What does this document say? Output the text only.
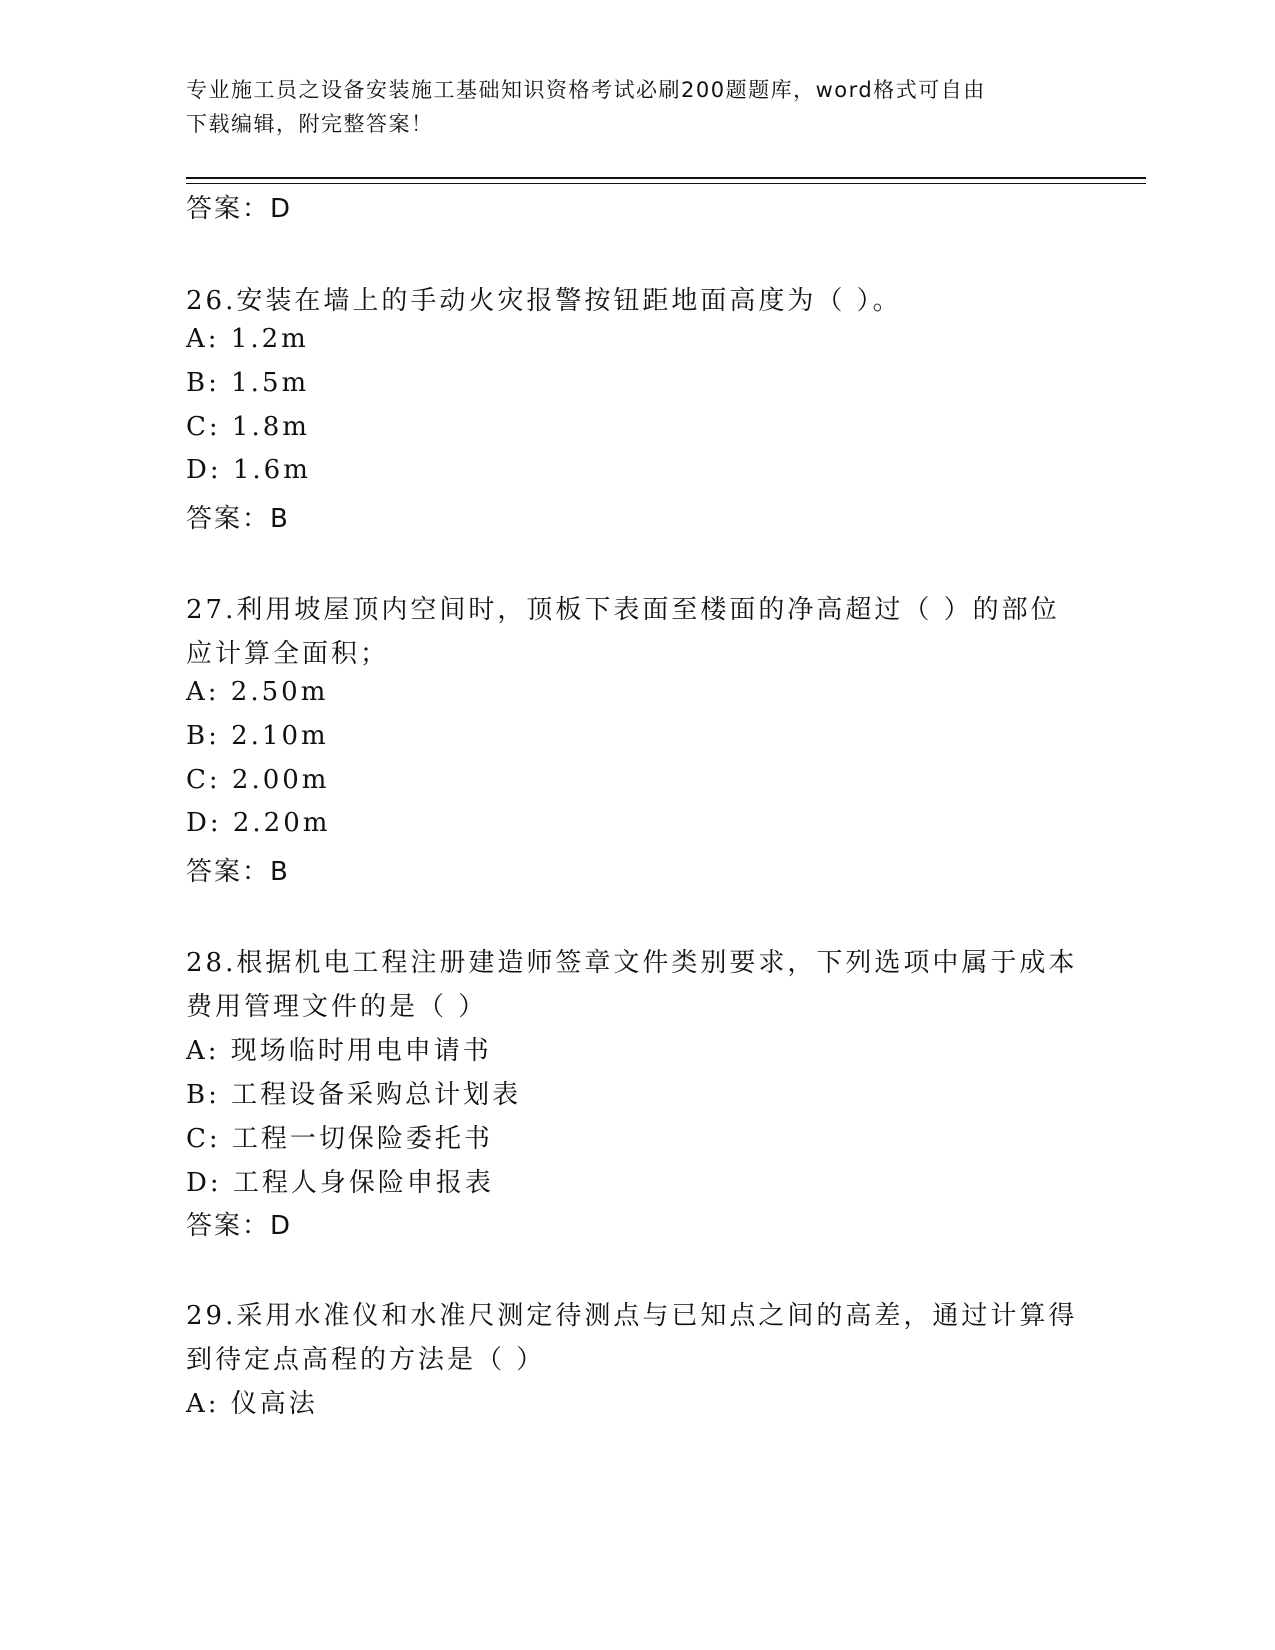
专业施工员之设备安装施工基础知识资格考试必刷200题题库，word格式可自由
下载编辑，附完整答案！
答案：D
26.安装在墙上的手动火灾报警按钮距地面高度为（ ）。
A: 1.2m
B: 1.5m
C: 1.8m
D: 1.6m
答案：B
27.利用坡屋顶内空间时，顶板下表面至楼面的净高超过（ ）的部位
应计算全面积；
A: 2.50m
B: 2.10m
C: 2.00m
D: 2.20m
答案：B
28.根据机电工程注册建造师签章文件类别要求，下列选项中属于成本
费用管理文件的是（ ）
A: 现场临时用电申请书
B: 工程设备采购总计划表
C: 工程一切保险委托书
D: 工程人身保险申报表
答案：D
29.采用水准仪和水准尺测定待测点与已知点之间的高差，通过计算得
到待定点高程的方法是（ ）
A: 仪高法
